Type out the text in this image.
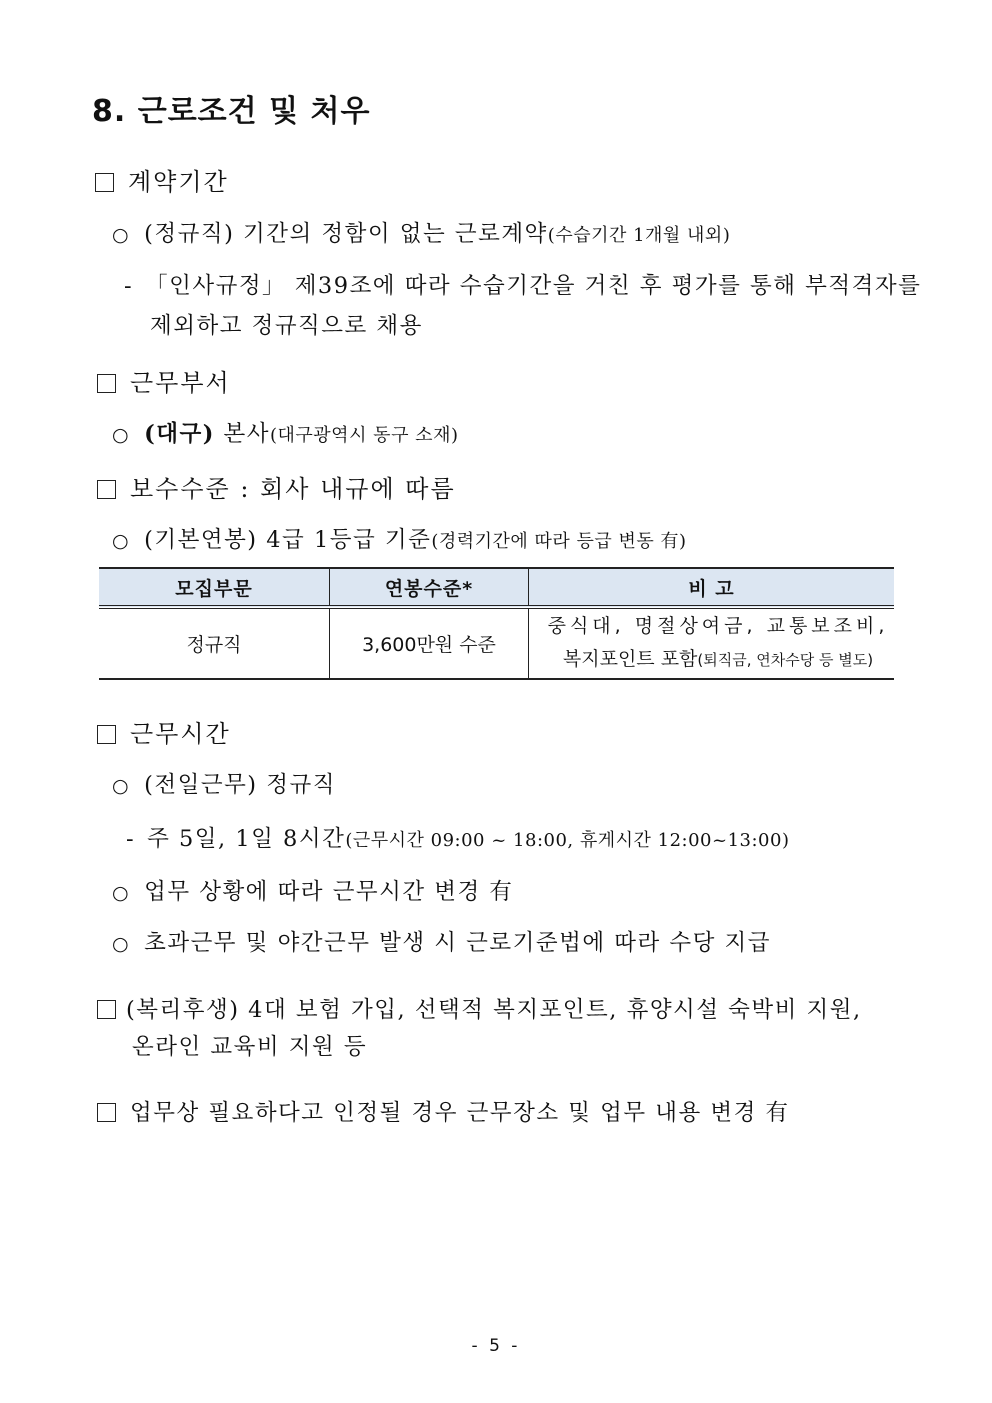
8. 근로조건 및 처우
계약기간
○ (정규직) 기간의 정함이 없는 근로계약(수습기간 1개월 내외)
- 「인사규정」 제39조에 따라 수습기간을 거친 후 평가를 통해 부적격자를
제외하고 정규직으로 채용
근무부서
○ (대구) 본사(대구광역시 동구 소재)
보수수준 : 회사 내규에 따름
○ (기본연봉) 4급 1등급 기준(경력기간에 따라 등급 변동 有)
모집부문	연봉수준*	비 고
정규직	3,600만원 수준	중식대, 명절상여금, 교통보조비,
복지포인트 포함(퇴직금, 연차수당 등 별도)
근무시간
○ (전일근무) 정규직
- 주 5일, 1일 8시간(근무시간 09:00 ~ 18:00, 휴게시간 12:00~13:00)
○ 업무 상황에 따라 근무시간 변경 有
○ 초과근무 및 야간근무 발생 시 근로기준법에 따라 수당 지급
(복리후생) 4대 보험 가입, 선택적 복지포인트, 휴양시설 숙박비 지원,
온라인 교육비 지원 등
업무상 필요하다고 인정될 경우 근무장소 및 업무 내용 변경 有
- 5 -
